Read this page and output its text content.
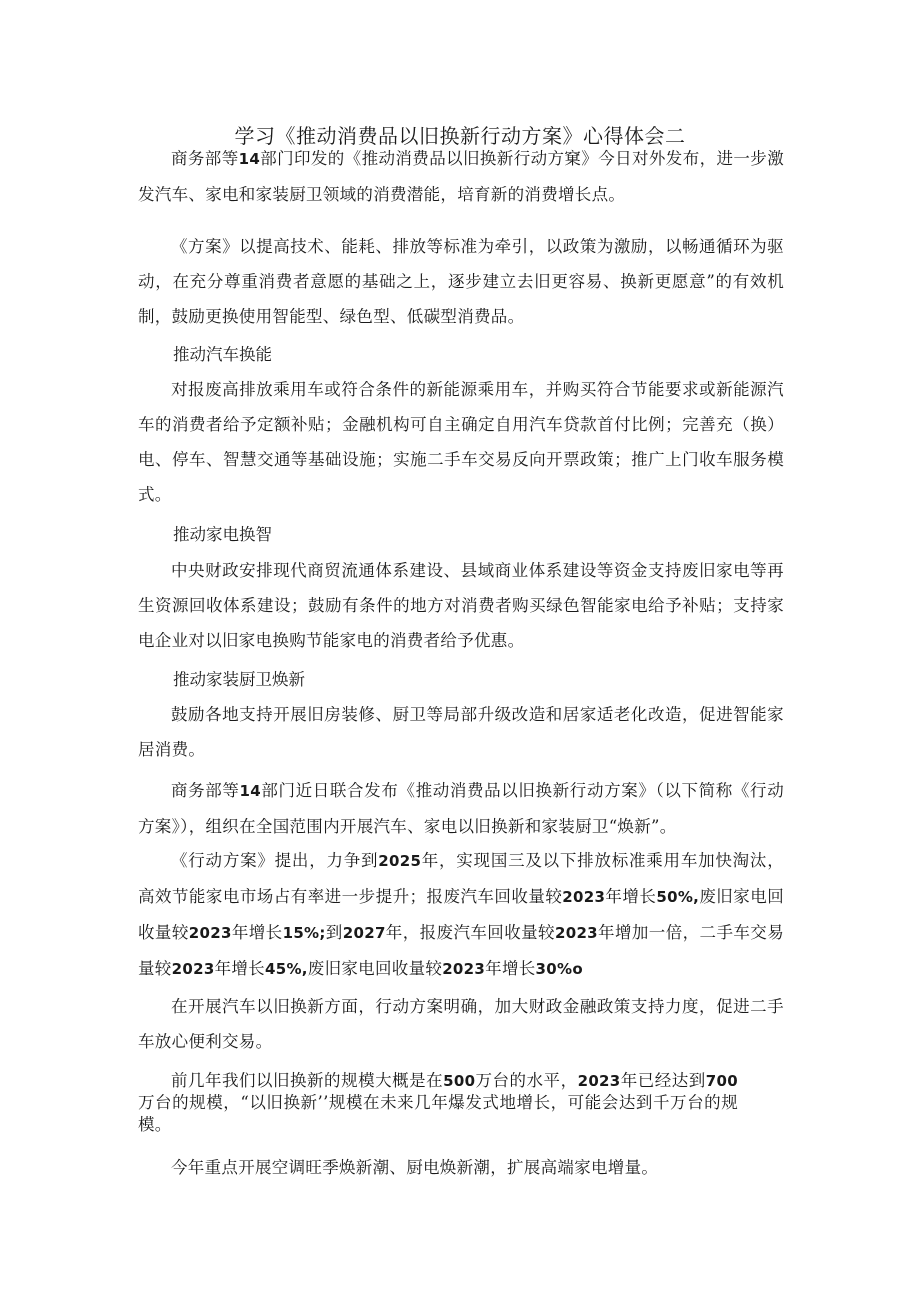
学习《推动消费品以旧换新行动方案》心得体会二

商务部等14部门印发的《推动消费品以旧换新行动方窠》今日对外发布，进一步激发汽车、家电和家装厨卫领域的消费潜能，培育新的消费增长点。

《方案》以提高技术、能耗、排放等标准为牵引，以政策为激励，以畅通循环为驱动，在充分尊重消费者意愿的基础之上，逐步建立去旧更容易、换新更愿意”的有效机制，鼓励更换使用智能型、绿色型、低碳型消费品。

推动汽车换能

对报废高排放乘用车或符合条件的新能源乘用车，并购买符合节能要求或新能源汽车的消费者给予定额补贴；金融机构可自主确定自用汽车贷款首付比例；完善充（换）电、停车、智慧交通等基础设施；实施二手车交易反向开票政策；推广上门收车服务模式。

推动家电换智

中央财政安排现代商贸流通体系建设、县域商业体系建设等资金支持废旧家电等再生资源回收体系建设；鼓励有条件的地方对消费者购买绿色智能家电给予补贴；支持家电企业对以旧家电换购节能家电的消费者给予优惠。

推动家装厨卫焕新

鼓励各地支持开展旧房装修、厨卫等局部升级改造和居家适老化改造，促进智能家居消费。

商务部等14部门近日联合发布《推动消费品以旧换新行动方案》（以下简称《行动方案》），组织在全国范围内开展汽车、家电以旧换新和家装厨卫“焕新”。

《行动方案》提出，力争到2025年，实现国三及以下排放标准乘用车加快淘汰，高效节能家电市场占有率进一步提升；报废汽车回收量较2023年增长50%,废旧家电回收量较2023年增长15%;到2027年，报废汽车回收量较2023年增加一倍，二手车交易量较2023年增长45%,废旧家电回收量较2023年增长30%o

在开展汽车以旧换新方面，行动方案明确，加大财政金融政策支持力度，促进二手车放心便利交易。

前几年我们以旧换新的规模大概是在500万台的水平，2023年已经达到700万台的规模，“以旧换新’’规模在未来几年爆发式地增长，可能会达到千万台的规模。

今年重点开展空调旺季焕新潮、厨电焕新潮，扩展高端家电增量。
